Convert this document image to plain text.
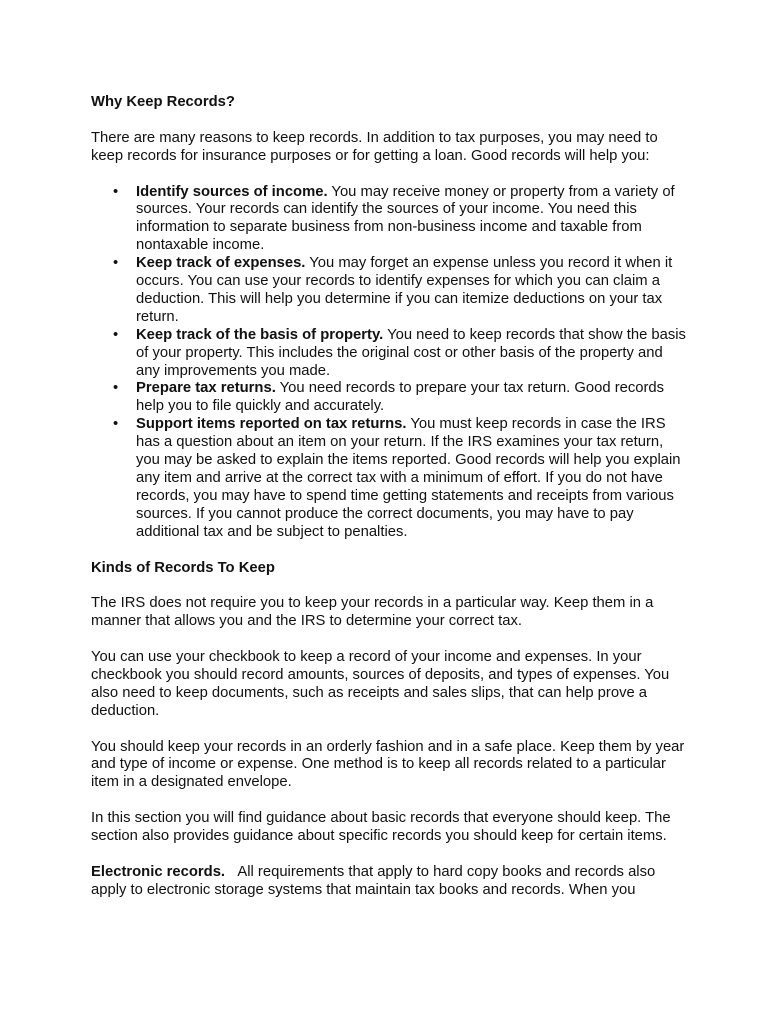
Why Keep Records?

There are many reasons to keep records. In addition to tax purposes, you may need to keep records for insurance purposes or for getting a loan. Good records will help you:

• Identify sources of income. You may receive money or property from a variety of sources. Your records can identify the sources of your income. You need this information to separate business from non-business income and taxable from nontaxable income.
• Keep track of expenses. You may forget an expense unless you record it when it occurs. You can use your records to identify expenses for which you can claim a deduction. This will help you determine if you can itemize deductions on your tax return.
• Keep track of the basis of property. You need to keep records that show the basis of your property. This includes the original cost or other basis of the property and any improvements you made.
• Prepare tax returns. You need records to prepare your tax return. Good records help you to file quickly and accurately.
• Support items reported on tax returns. You must keep records in case the IRS has a question about an item on your return. If the IRS examines your tax return, you may be asked to explain the items reported. Good records will help you explain any item and arrive at the correct tax with a minimum of effort. If you do not have records, you may have to spend time getting statements and receipts from various sources. If you cannot produce the correct documents, you may have to pay additional tax and be subject to penalties.

Kinds of Records To Keep

The IRS does not require you to keep your records in a particular way. Keep them in a manner that allows you and the IRS to determine your correct tax.

You can use your checkbook to keep a record of your income and expenses. In your checkbook you should record amounts, sources of deposits, and types of expenses. You also need to keep documents, such as receipts and sales slips, that can help prove a deduction.

You should keep your records in an orderly fashion and in a safe place. Keep them by year and type of income or expense. One method is to keep all records related to a particular item in a designated envelope.

In this section you will find guidance about basic records that everyone should keep. The section also provides guidance about specific records you should keep for certain items.

Electronic records.   All requirements that apply to hard copy books and records also apply to electronic storage systems that maintain tax books and records. When you
